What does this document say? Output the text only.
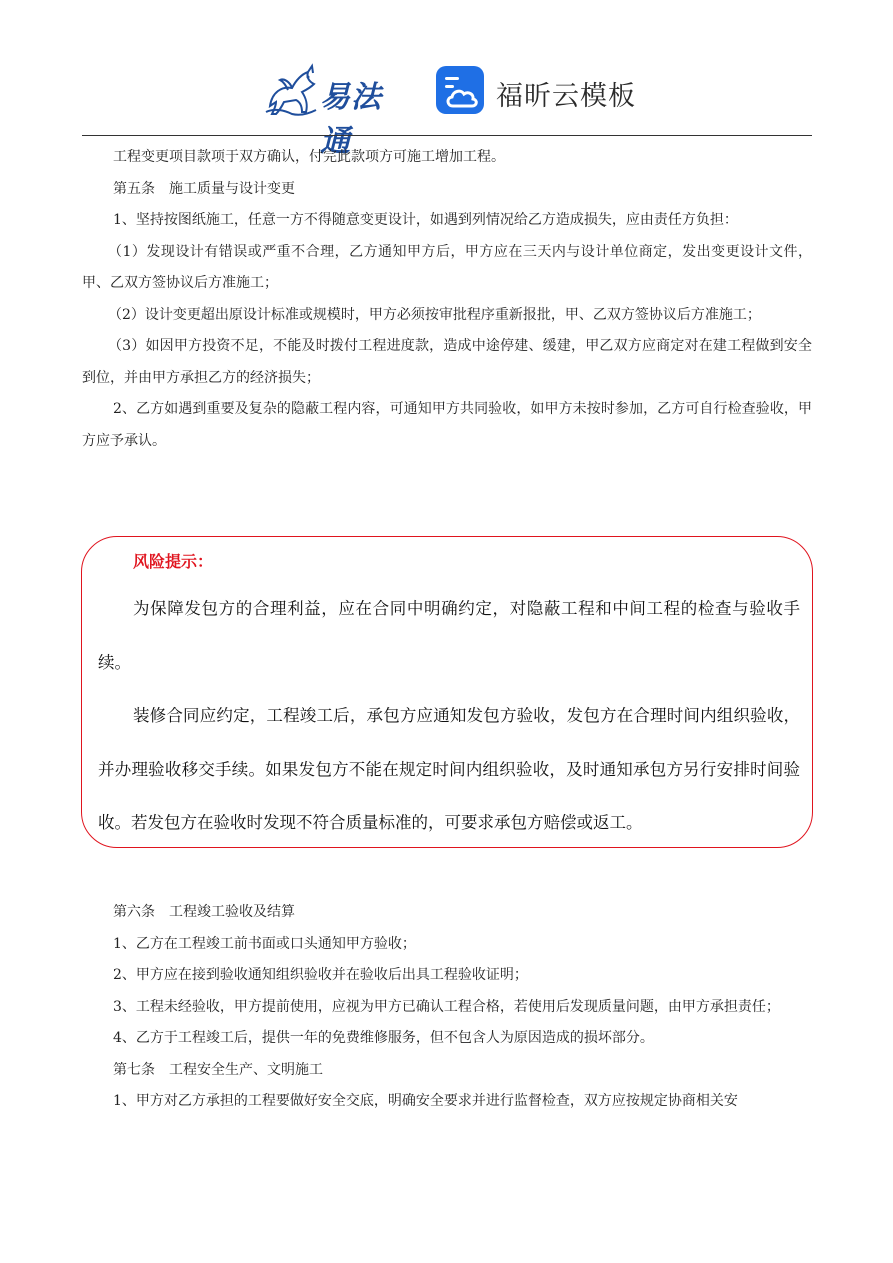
易法通
福昕云模板

工程变更项目款项于双方确认，付完此款项方可施工增加工程。

第五条　施工质量与设计变更

1、坚持按图纸施工，任意一方不得随意变更设计，如遇到列情况给乙方造成损失，应由责任方负担：

（1）发现设计有错误或严重不合理，乙方通知甲方后，甲方应在三天内与设计单位商定，发出变更设计文件，甲、乙双方签协议后方准施工；

（2）设计变更超出原设计标准或规模时，甲方必须按审批程序重新报批，甲、乙双方签协议后方准施工；

（3）如因甲方投资不足，不能及时拨付工程进度款，造成中途停建、缓建，甲乙双方应商定对在建工程做到安全到位，并由甲方承担乙方的经济损失；

2、乙方如遇到重要及复杂的隐蔽工程内容，可通知甲方共同验收，如甲方未按时参加，乙方可自行检查验收，甲方应予承认。

风险提示：

为保障发包方的合理利益，应在合同中明确约定，对隐蔽工程和中间工程的检查与验收手续。

装修合同应约定，工程竣工后，承包方应通知发包方验收，发包方在合理时间内组织验收，并办理验收移交手续。如果发包方不能在规定时间内组织验收，及时通知承包方另行安排时间验收。若发包方在验收时发现不符合质量标准的，可要求承包方赔偿或返工。

第六条　工程竣工验收及结算

1、乙方在工程竣工前书面或口头通知甲方验收；

2、甲方应在接到验收通知组织验收并在验收后出具工程验收证明；

3、工程未经验收，甲方提前使用，应视为甲方已确认工程合格，若使用后发现质量问题，由甲方承担责任；

4、乙方于工程竣工后，提供一年的免费维修服务，但不包含人为原因造成的损坏部分。

第七条　工程安全生产、文明施工

1、甲方对乙方承担的工程要做好安全交底，明确安全要求并进行监督检查，双方应按规定协商相关安
